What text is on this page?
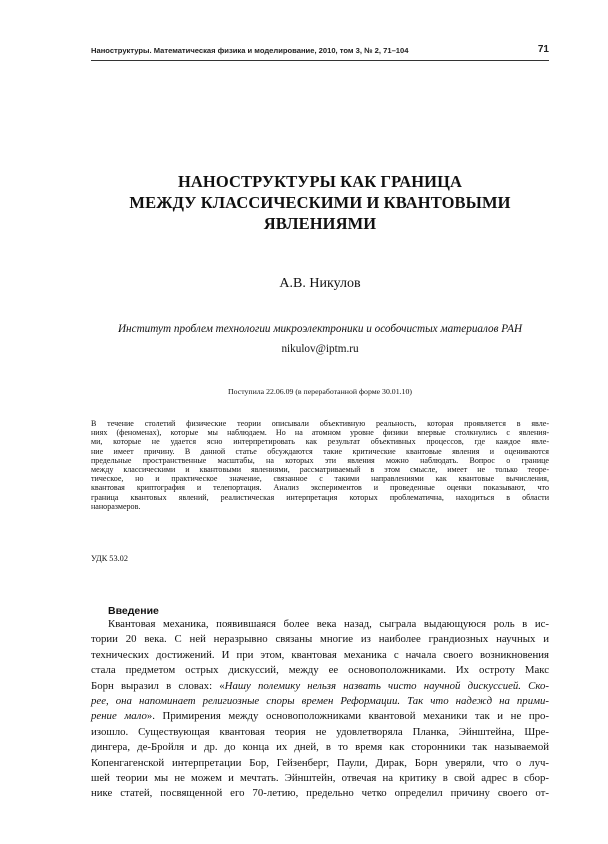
Наноструктуры. Математическая физика и моделирование, 2010, том 3, № 2, 71–104	71
НАНОСТРУКТУРЫ КАК ГРАНИЦА
МЕЖДУ КЛАССИЧЕСКИМИ И КВАНТОВЫМИ
ЯВЛЕНИЯМИ
А.В. Никулов
Институт проблем технологии микроэлектроники и особочистых материалов РАН
nikulov@iptm.ru
Поступила 22.06.09 (в переработанной форме 30.01.10)
В течение столетий физические теории описывали объективную реальность, которая проявляется в явле-
ниях (феноменах), которые мы наблюдаем. Но на атомном уровне физики впервые столкнулись с явления-
ми, которые не удается ясно интерпретировать как результат объективных процессов, где каждое явле-
ние имеет причину. В данной статье обсуждаются такие критические квантовые явления и оцениваются
предельные пространственные масштабы, на которых эти явления можно наблюдать. Вопрос о границе
между классическими и квантовыми явлениями, рассматриваемый в этом смысле, имеет не только теоре-
тическое, но и практическое значение, связанное с такими направлениями как квантовые вычисления,
квантовая криптография и телепортация. Анализ экспериментов и проведенные оценки показывают, что
граница квантовых явлений, реалистическая интерпретация которых проблематична, находиться в области
наноразмеров.
УДК 53.02
Введение
Квантовая механика, появившаяся более века назад, сыграла выдающуюся роль в ис-
тории 20 века. С ней неразрывно связаны многие из наиболее грандиозных научных и
технических достижений. И при этом, квантовая механика с начала своего возникновения
стала предметом острых дискуссий, между ее основоположниками. Их остроту Макс
Борн выразил в словах: «Нашу полемику нельзя назвать чисто научной дискуссией. Ско-
рее, она напоминает религиозные споры времен Реформации. Так что надежд на прими-
рение мало». Примирения между основоположниками квантовой механики так и не про-
изошло. Существующая квантовая теория не удовлетворяла Планка, Эйнштейна, Шре-
дингера, де-Бройля и др. до конца их дней, в то время как сторонники так называемой
Копенгагенской интерпретации Бор, Гейзенберг, Паули, Дирак, Борн уверяли, что о луч-
шей теории мы не можем и мечтать. Эйнштейн, отвечая на критику в свой адрес в сбор-
нике статей, посвященной его 70-летию, предельно четко определил причину своего от-
